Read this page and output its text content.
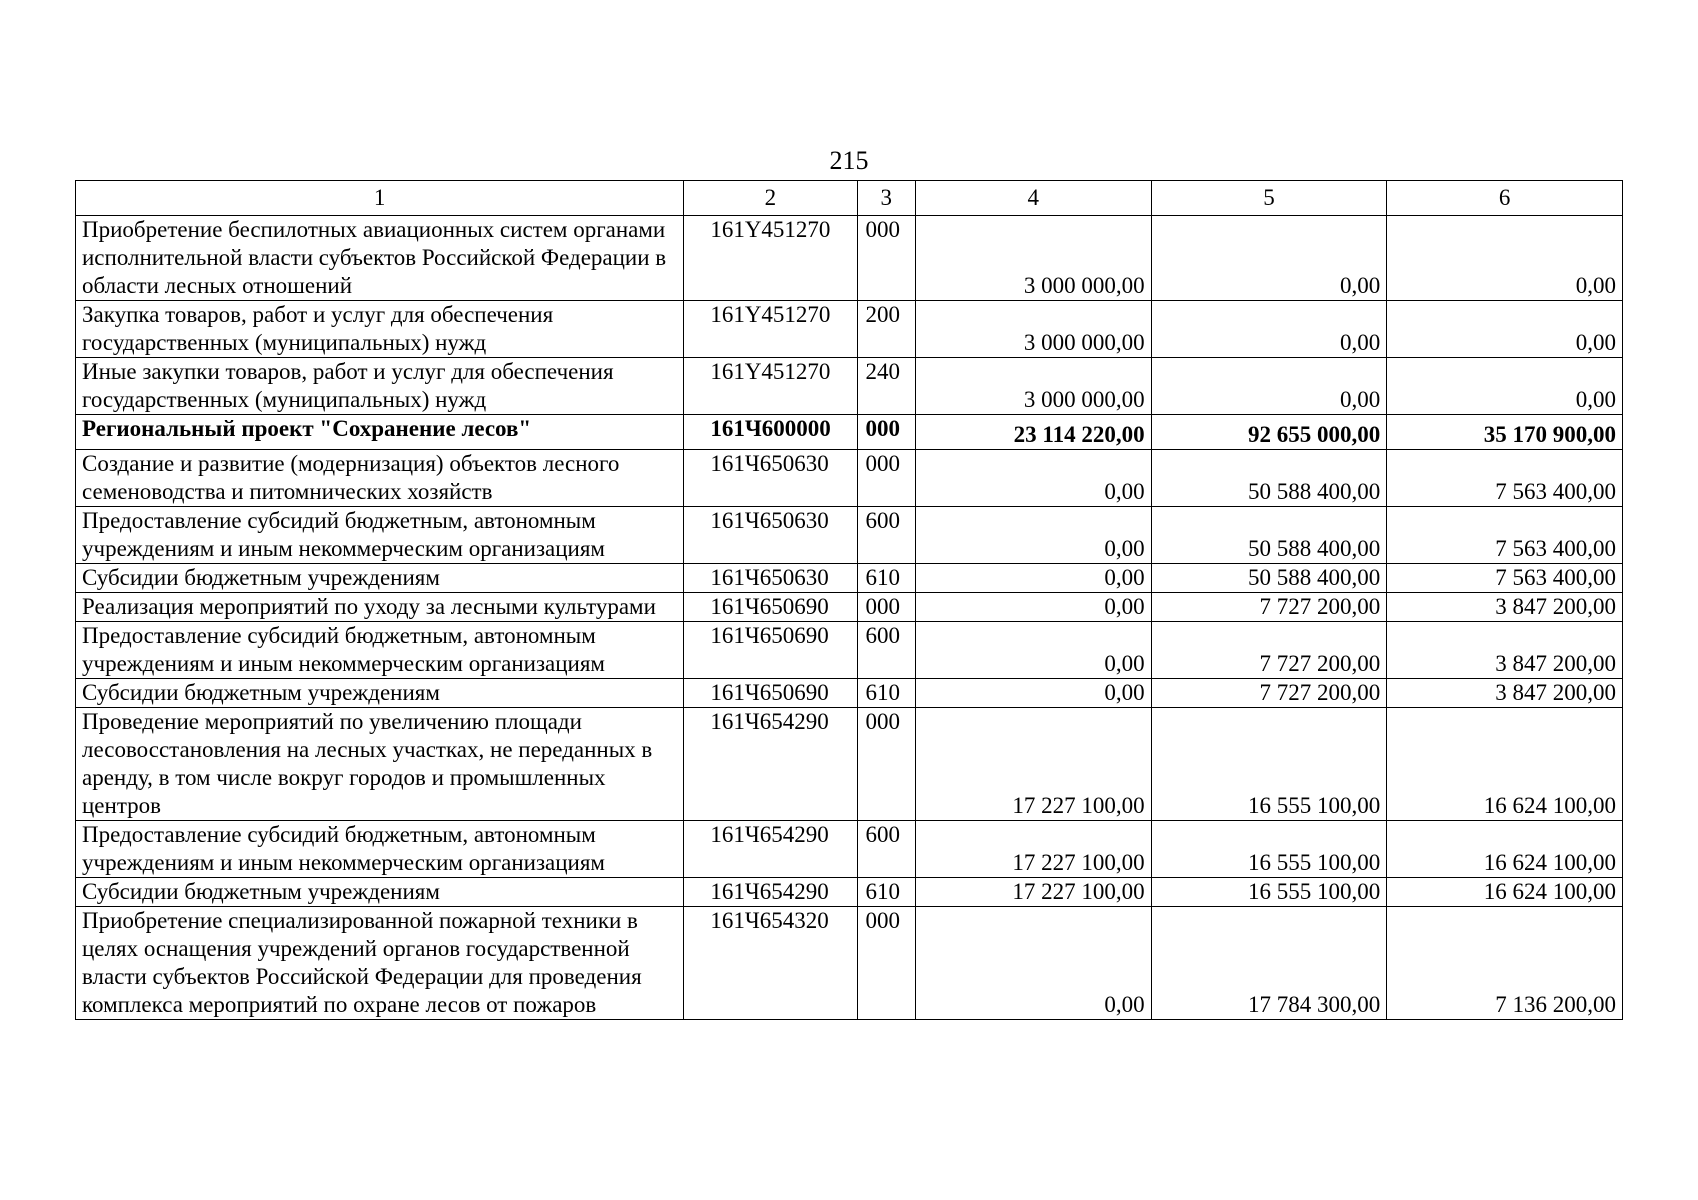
215
1	2	3	4	5	6
Приобретение беспилотных авиационных систем органами исполнительной власти субъектов Российской Федерации в области лесных отношений	161Y451270	000	3 000 000,00	0,00	0,00
Закупка товаров, работ и услуг для обеспечения государственных (муниципальных) нужд	161Y451270	200	3 000 000,00	0,00	0,00
Иные закупки товаров, работ и услуг для обеспечения государственных (муниципальных) нужд	161Y451270	240	3 000 000,00	0,00	0,00
Региональный проект "Сохранение лесов"	161Ч600000	000	23 114 220,00	92 655 000,00	35 170 900,00
Создание и развитие (модернизация) объектов лесного семеноводства и питомнических хозяйств	161Ч650630	000	0,00	50 588 400,00	7 563 400,00
Предоставление субсидий бюджетным, автономным учреждениям и иным некоммерческим организациям	161Ч650630	600	0,00	50 588 400,00	7 563 400,00
Субсидии бюджетным учреждениям	161Ч650630	610	0,00	50 588 400,00	7 563 400,00
Реализация мероприятий по уходу за лесными культурами	161Ч650690	000	0,00	7 727 200,00	3 847 200,00
Предоставление субсидий бюджетным, автономным учреждениям и иным некоммерческим организациям	161Ч650690	600	0,00	7 727 200,00	3 847 200,00
Субсидии бюджетным учреждениям	161Ч650690	610	0,00	7 727 200,00	3 847 200,00
Проведение мероприятий по увеличению площади лесовосстановления на лесных участках, не переданных в аренду, в том числе вокруг городов и промышленных центров	161Ч654290	000	17 227 100,00	16 555 100,00	16 624 100,00
Предоставление субсидий бюджетным, автономным учреждениям и иным некоммерческим организациям	161Ч654290	600	17 227 100,00	16 555 100,00	16 624 100,00
Субсидии бюджетным учреждениям	161Ч654290	610	17 227 100,00	16 555 100,00	16 624 100,00
Приобретение специализированной пожарной техники в целях оснащения учреждений органов государственной власти субъектов Российской Федерации для проведения комплекса мероприятий по охране лесов от пожаров	161Ч654320	000	0,00	17 784 300,00	7 136 200,00
